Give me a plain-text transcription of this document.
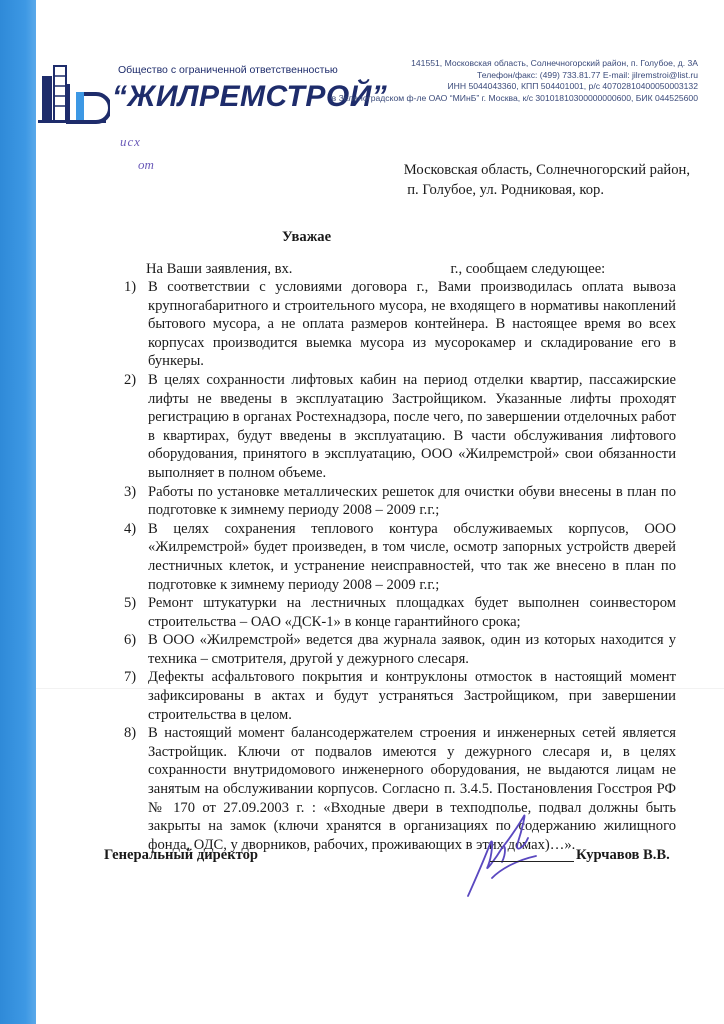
Общество с ограниченной ответственностью
“ЖИЛРЕМСТРОЙ”
141551, Московская область, Солнечногорский район, п. Голубое, д. 3А
Телефон/факс: (499) 733.81.77 E-mail: jilremstroi@list.ru
ИНН 5044043360, КПП 504401001, р/с 40702810400050003132
в Зеленоградском ф-ле ОАО “МИнБ” г. Москва, к/с 30101810300000000600, БИК 044525600
исх
от	Московская область, Солнечногорский район,
п. Голубое, ул. Родниковая, кор.
Уважае
На Ваши заявления, вх.	г., сообщаем следующее:
1) В соответствии с условиями договора г., Вами производилась оплата вывоза крупногабаритного и строительного мусора, не входящего в нормативы накоплений бытового мусора, а не оплата размеров контейнера. В настоящее время во всех корпусах производится выемка мусора из мусорокамер и складирование его в бункеры.
2) В целях сохранности лифтовых кабин на период отделки квартир, пассажирские лифты не введены в эксплуатацию Застройщиком. Указанные лифты проходят регистрацию в органах Ростехнадзора, после чего, по завершении отделочных работ в квартирах, будут введены в эксплуатацию. В части обслуживания лифтового оборудования, принятого в эксплуатацию, ООО «Жилремстрой» свои обязанности выполняет в полном объеме.
3) Работы по установке металлических решеток для очистки обуви внесены в план по подготовке к зимнему периоду 2008 – 2009 г.г.;
4) В целях сохранения теплового контура обслуживаемых корпусов, ООО «Жилремстрой» будет произведен, в том числе, осмотр запорных устройств дверей лестничных клеток, и устранение неисправностей, что так же внесено в план по подготовке к зимнему периоду 2008 – 2009 г.г.;
5) Ремонт штукатурки на лестничных площадках будет выполнен соинвестором строительства – ОАО «ДСК-1» в конце гарантийного срока;
6) В ООО «Жилремстрой» ведется два журнала заявок, один из которых находится у техника – смотрителя, другой у дежурного слесаря.
7) Дефекты асфальтового покрытия и контруклоны отмосток в настоящий момент зафиксированы в актах и будут устраняться Застройщиком, при завершении строительства в целом.
8) В настоящий момент балансодержателем строения и инженерных сетей является Застройщик. Ключи от подвалов имеются у дежурного слесаря и, в целях сохранности внутридомового инженерного оборудования, не выдаются лицам не занятым на обслуживании корпусов. Согласно п. 3.4.5. Постановления Госстроя РФ № 170 от 27.09.2003 г. : «Входные двери в техподполье, подвал должны быть закрыты на замок (ключи хранятся в организациях по содержанию жилищного фонда, ОДС, у дворников, рабочих, проживающих в этих домах)…».
Генеральный директор	Курчавов В.В.
